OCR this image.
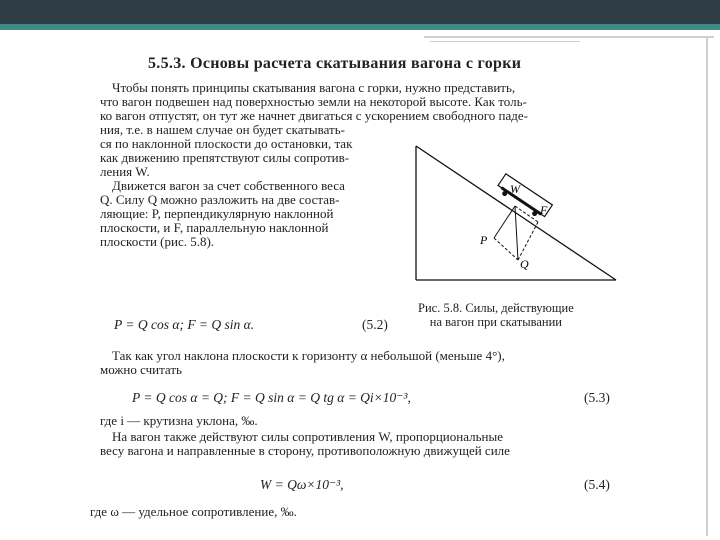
5.5.3. Основы расчета скатывания вагона с горки
Чтобы понять принципы скатывания вагона с горки, нужно представить,
что вагон подвешен над поверхностью земли на некоторой высоте. Как толь-
ко вагон отпустят, он тут же начнет двигаться с ускорением свободного паде-
ния, т.е. в нашем случае он будет скатывать-
ся по наклонной плоскости до остановки, так
как движению препятствуют силы сопротив-
ления W.
Движется вагон за счет собственного веса
Q. Силу Q можно разложить на две состав-
ляющие: P, перпендикулярную наклонной
плоскости, и F, параллельную наклонной
плоскости (рис. 5.8).
W
F
P
Q
Рис. 5.8. Силы, действующие
на вагон при скатывании
P = Q cos α; F = Q sin α.	(5.2)
Так как угол наклона плоскости к горизонту α небольшой (меньше 4°),
можно считать
P = Q cos α = Q; F = Q sin α = Q tg α = Qi×10⁻³,	(5.3)
где i — крутизна уклона, ‰.
На вагон также действуют силы сопротивления W, пропорциональные
весу вагона и направленные в сторону, противоположную движущей силе
W = Qω×10⁻³,	(5.4)
где ω — удельное сопротивление, ‰.
